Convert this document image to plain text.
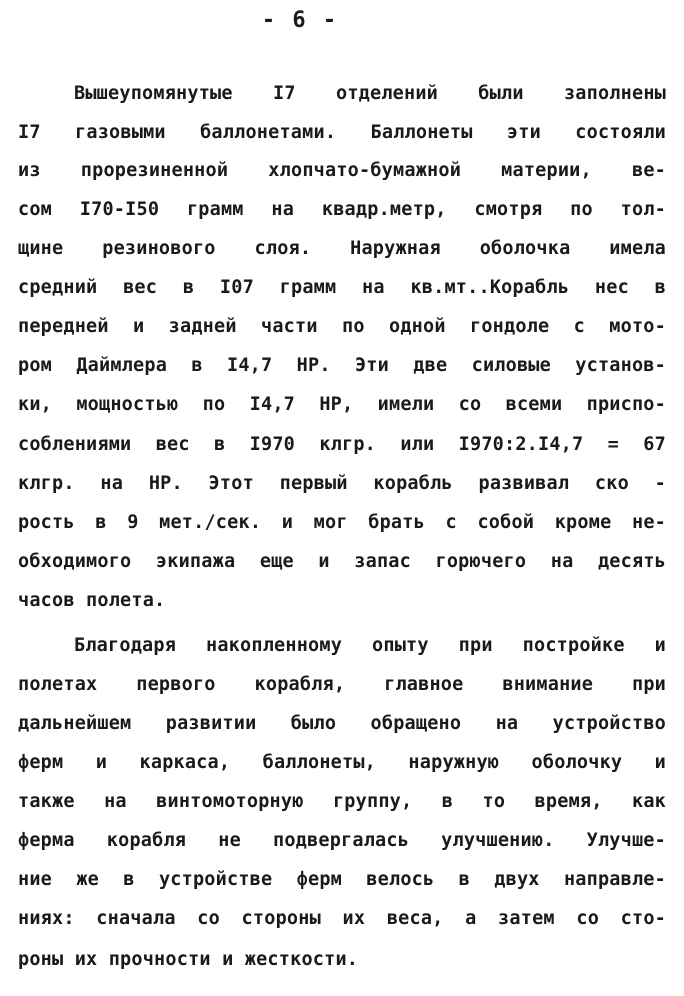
- 6 -
Вышеупомянутые I7 отделений были заполнены
I7 газовыми баллонетами. Баллонеты эти состояли
из прорезиненной хлопчато-бумажной материи, ве-
сом I70-I50 грамм на квадр.метр, смотря по тол-
щине резинового слоя. Наружная оболочка имела
средний вес в I07 грамм на кв.мт..Корабль нес в
передней и задней части по одной гондоле с мото-
ром Даймлера в I4,7 HP. Эти две силовые установ-
ки, мощностью по I4,7 HP, имели со всеми приспо-
соблениями вес в I970 клгр. или I970:2.I4,7 = 67
клгр. на HP. Этот первый корабль развивал ско -
рость в 9 мет./сек. и мог брать с собой кроме не-
обходимого экипажа еще и запас горючего на десять
часов полета.
Благодаря накопленному опыту при постройке и
полетах первого корабля, главное внимание при
дальнейшем развитии было обращено на устройство
ферм и каркаса, баллонеты, наружную оболочку и
также на винтомоторную группу, в то время, как
ферма корабля не подвергалась улучшению. Улучше-
ние же в устройстве ферм велось в двух направле-
ниях: сначала со стороны их веса, а затем со сто-
роны их прочности и жесткости.
